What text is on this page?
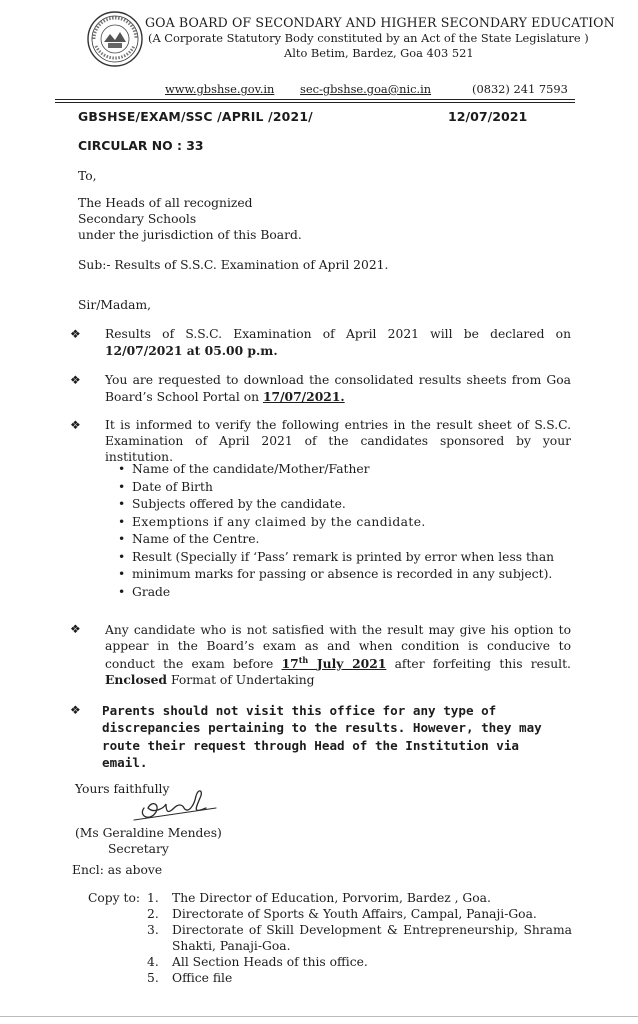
GOA BOARD OF SECONDARY AND HIGHER SECONDARY EDUCATION
(A Corporate Statutory Body constituted by an Act of the State Legislature )
Alto Betim, Bardez, Goa 403 521
www.gbshse.gov.in sec-gbshse.goa@nic.in	(0832) 241 7593
GBSHSE/EXAM/SSC /APRIL /2021/	12/07/2021
CIRCULAR NO : 33
To,
The Heads of all recognized
Secondary Schools
under the jurisdiction of this Board.
Sub:- Results of S.S.C. Examination of April 2021.
Sir/Madam,
❖ Results of S.S.C. Examination of April 2021 will be declared on
12/07/2021 at 05.00 p.m.
❖ You are requested to download the consolidated results sheets from Goa Board’s School Portal on 17/07/2021.
❖ It is informed to verify the following entries in the result sheet of S.S.C. Examination of April 2021 of the candidates sponsored by your institution.
• Name of the candidate/Mother/Father
• Date of Birth
• Subjects offered by the candidate.
• Exemptions if any claimed by the candidate.
• Name of the Centre.
• Result (Specially if ‘Pass’ remark is printed by error when less than
• minimum marks for passing or absence is recorded in any subject).
• Grade
❖ Any candidate who is not satisfied with the result may give his option to appear in the Board’s exam as and when condition is conducive to conduct the exam before 17th July 2021 after forfeiting this result. Enclosed Format of Undertaking
❖ Parents should not visit this office for any type of discrepancies pertaining to the results. However, they may route their request through Head of the Institution via email.
Yours faithfully
(Ms Geraldine Mendes)
Secretary
Encl: as above
Copy to: 1. The Director of Education, Porvorim, Bardez , Goa.
2. Directorate of Sports & Youth Affairs, Campal, Panaji-Goa.
3. Directorate of Skill Development & Entrepreneurship, Shrama Shakti, Panaji-Goa.
4. All Section Heads of this office.
5. Office file
